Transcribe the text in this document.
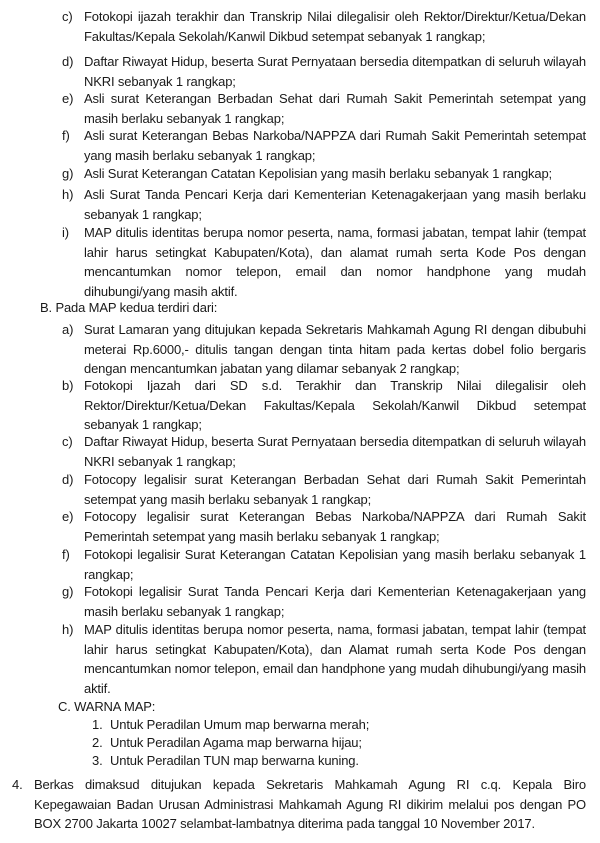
c) Fotokopi ijazah terakhir dan Transkrip Nilai dilegalisir oleh Rektor/Direktur/Ketua/Dekan Fakultas/Kepala Sekolah/Kanwil Dikbud setempat sebanyak 1 rangkap;
d) Daftar Riwayat Hidup, beserta Surat Pernyataan bersedia ditempatkan di seluruh wilayah NKRI sebanyak 1 rangkap;
e) Asli surat Keterangan Berbadan Sehat dari Rumah Sakit Pemerintah setempat yang masih berlaku sebanyak 1 rangkap;
f) Asli surat Keterangan Bebas Narkoba/NAPPZA dari Rumah Sakit Pemerintah setempat yang masih berlaku sebanyak 1 rangkap;
g) Asli Surat Keterangan Catatan Kepolisian yang masih berlaku sebanyak 1 rangkap;
h) Asli Surat Tanda Pencari Kerja dari Kementerian Ketenagakerjaan yang masih berlaku sebanyak 1 rangkap;
i) MAP ditulis identitas berupa nomor peserta, nama, formasi jabatan, tempat lahir (tempat lahir harus setingkat Kabupaten/Kota), dan alamat rumah serta Kode Pos dengan mencantumkan nomor telepon, email dan nomor handphone yang mudah dihubungi/yang masih aktif.
B. Pada MAP kedua terdiri dari:
a) Surat Lamaran yang ditujukan kepada Sekretaris Mahkamah Agung RI dengan dibubuhi meterai Rp.6000,- ditulis tangan dengan tinta hitam pada kertas dobel folio bergaris dengan mencantumkan jabatan yang dilamar sebanyak 2 rangkap;
b) Fotokopi Ijazah dari SD s.d. Terakhir dan Transkrip Nilai dilegalisir oleh Rektor/Direktur/Ketua/Dekan Fakultas/Kepala Sekolah/Kanwil Dikbud setempat sebanyak 1 rangkap;
c) Daftar Riwayat Hidup, beserta Surat Pernyataan bersedia ditempatkan di seluruh wilayah NKRI sebanyak 1 rangkap;
d) Fotocopy legalisir surat Keterangan Berbadan Sehat dari Rumah Sakit Pemerintah setempat yang masih berlaku sebanyak 1 rangkap;
e) Fotocopy legalisir surat Keterangan Bebas Narkoba/NAPPZA dari Rumah Sakit Pemerintah setempat yang masih berlaku sebanyak 1 rangkap;
f) Fotokopi legalisir Surat Keterangan Catatan Kepolisian yang masih berlaku sebanyak 1 rangkap;
g) Fotokopi legalisir Surat Tanda Pencari Kerja dari Kementerian Ketenagakerjaan yang masih berlaku sebanyak 1 rangkap;
h) MAP ditulis identitas berupa nomor peserta, nama, formasi jabatan, tempat lahir (tempat lahir harus setingkat Kabupaten/Kota), dan Alamat rumah serta Kode Pos dengan mencantumkan nomor telepon, email dan handphone yang mudah dihubungi/yang masih aktif.
C. WARNA MAP:
1. Untuk Peradilan Umum map berwarna merah;
2. Untuk Peradilan Agama map berwarna hijau;
3. Untuk Peradilan TUN map berwarna kuning.
4. Berkas dimaksud ditujukan kepada Sekretaris Mahkamah Agung RI c.q. Kepala Biro Kepegawaian Badan Urusan Administrasi Mahkamah Agung RI dikirim melalui pos dengan PO BOX 2700 Jakarta 10027 selambat-lambatnya diterima pada tanggal 10 November 2017.
